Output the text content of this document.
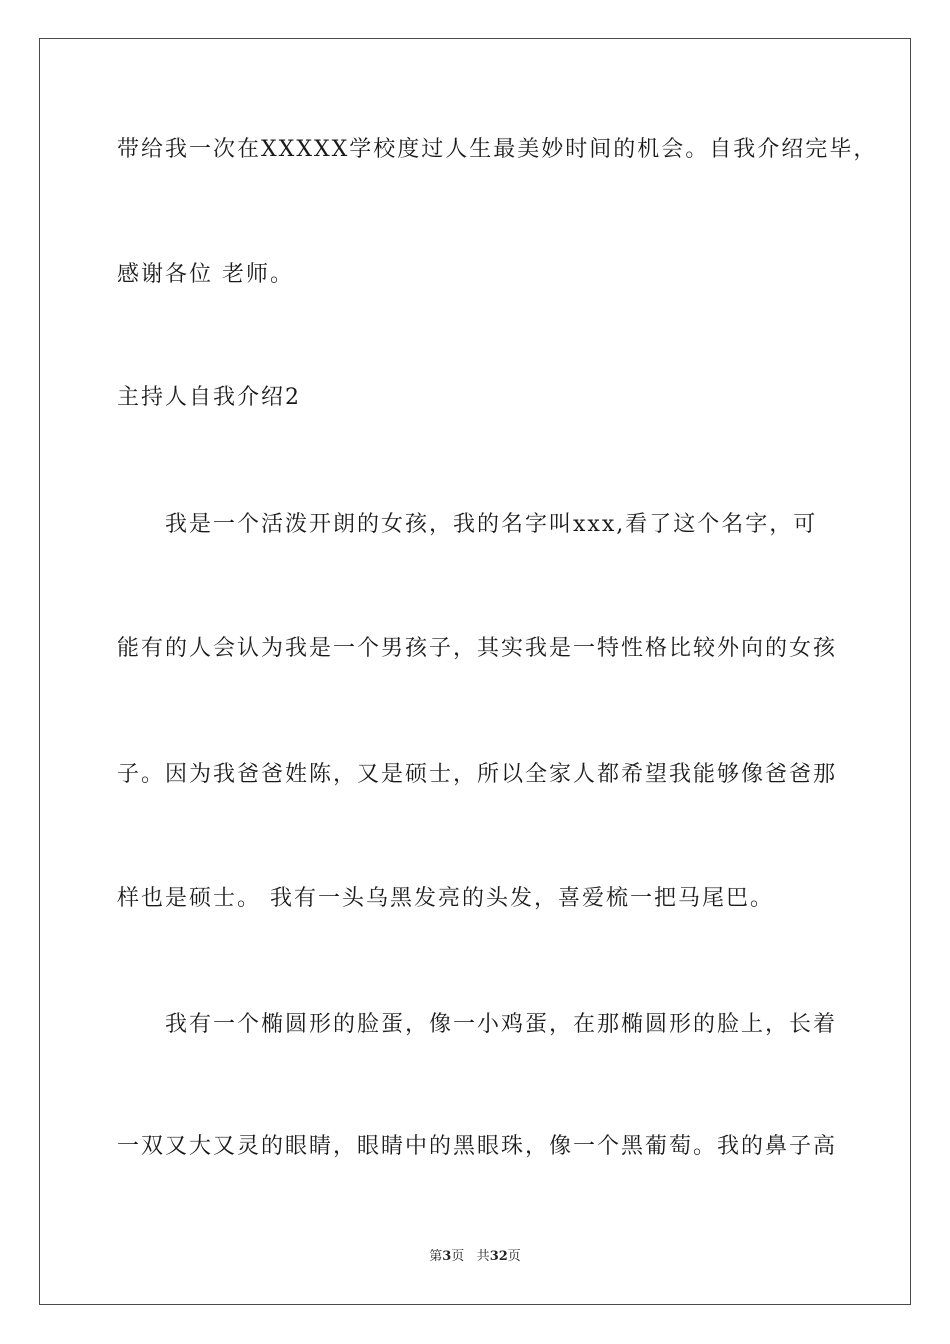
带给我一次在XXXXX学校度过人生最美妙时间的机会。自我介绍完毕，
感谢各位 老师。
主持人自我介绍2
我是一个活泼开朗的女孩，我的名字叫xxx,看了这个名字，可
能有的人会认为我是一个男孩子，其实我是一特性格比较外向的女孩
子。因为我爸爸姓陈，又是硕士，所以全家人都希望我能够像爸爸那
样也是硕士。 我有一头乌黑发亮的头发，喜爱梳一把马尾巴。
我有一个椭圆形的脸蛋，像一小鸡蛋，在那椭圆形的脸上，长着
一双又大又灵的眼睛，眼睛中的黑眼珠，像一个黑葡萄。我的鼻子高
第3页 共32页
